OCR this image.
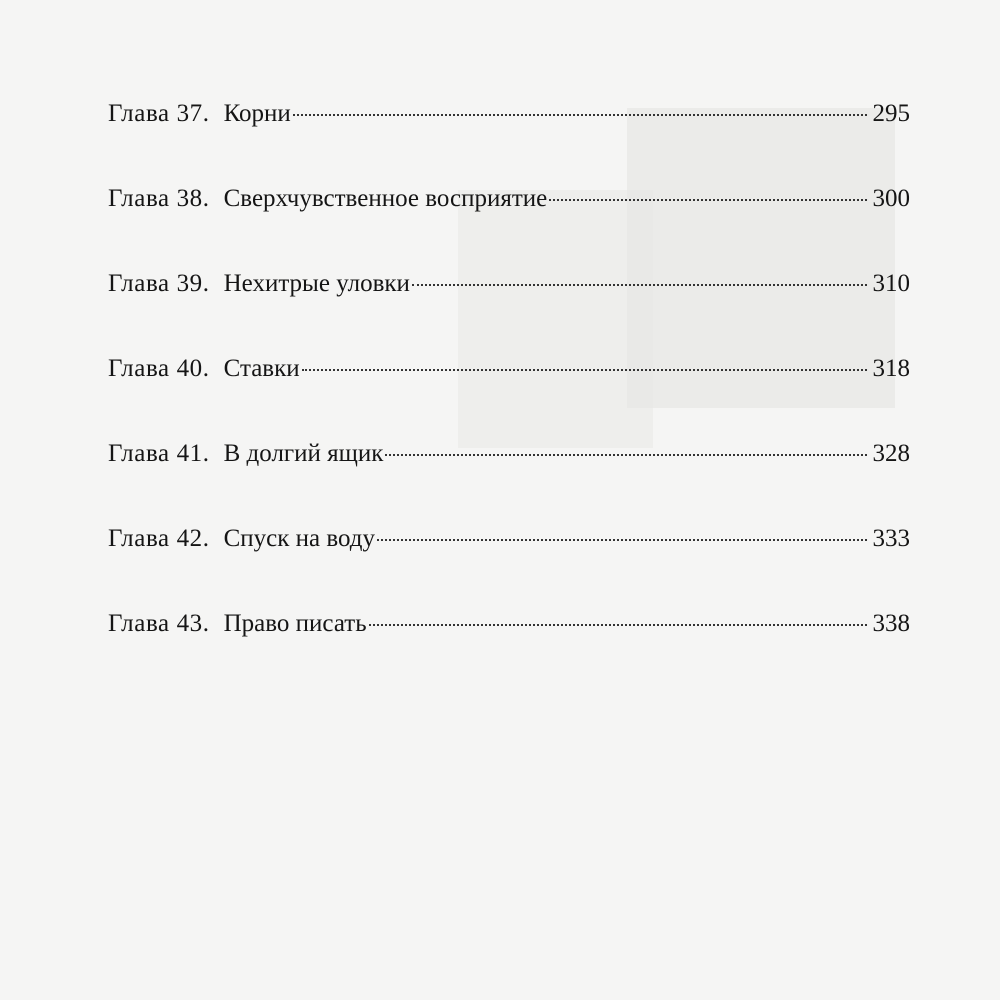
Глава 37. Корни	295
Глава 38. Сверхчувственное восприятие	300
Глава 39. Нехитрые уловки	310
Глава 40. Ставки	318
Глава 41. В долгий ящик	328
Глава 42. Спуск на воду	333
Глава 43. Право писать	338
